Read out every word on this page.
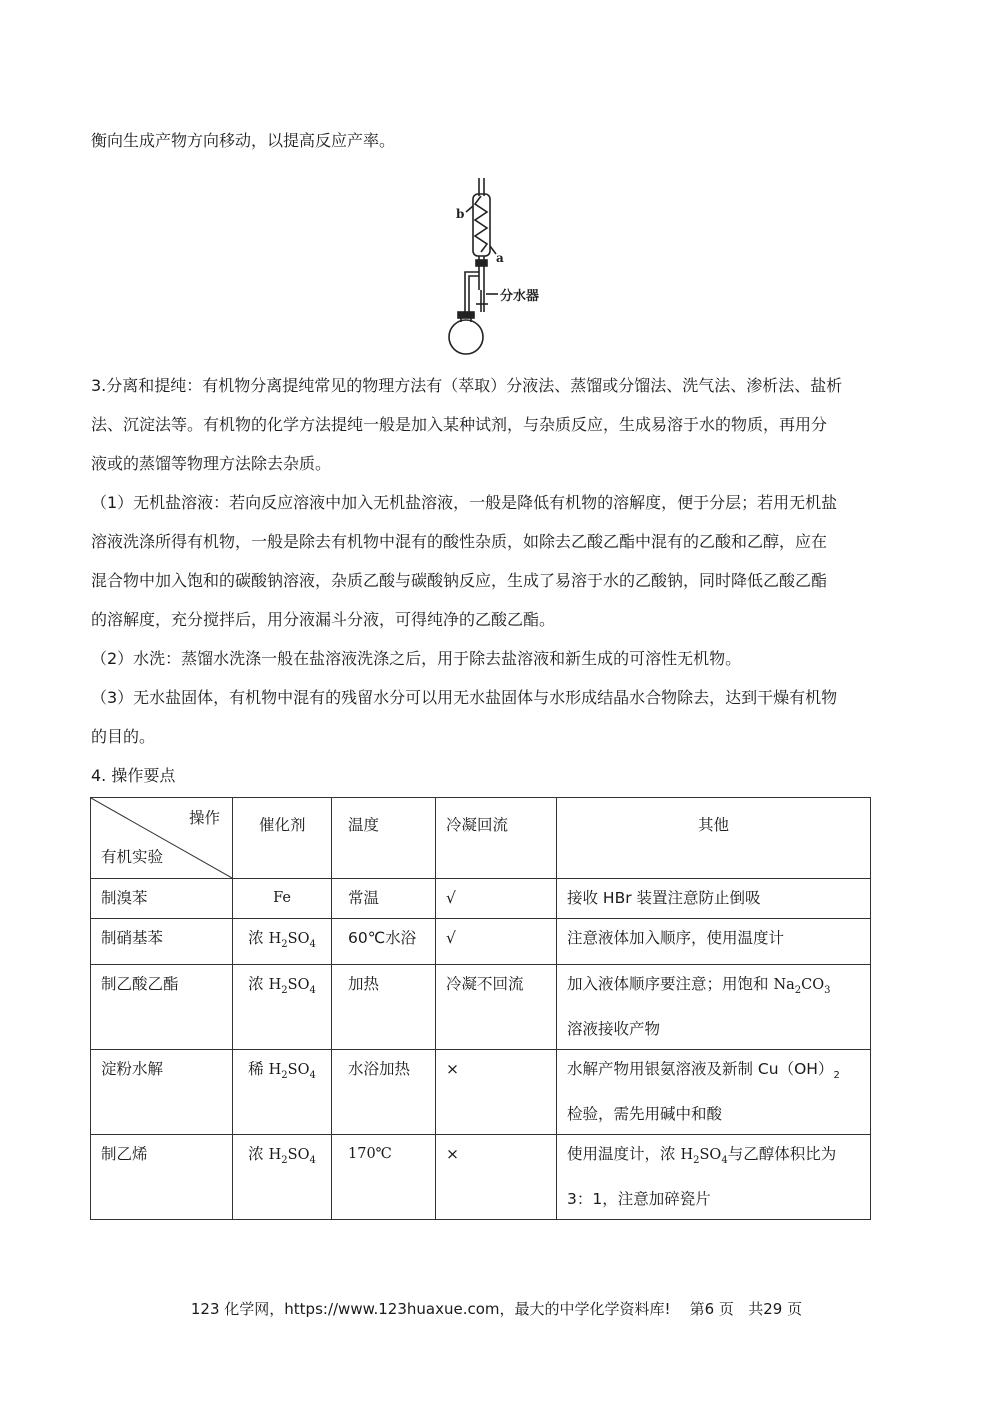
衡向生成产物方向移动，以提高反应产率。
b
a
分水器
3.分离和提纯：有机物分离提纯常见的物理方法有（萃取）分液法、蒸馏或分馏法、洗气法、渗析法、盐析
法、沉淀法等。有机物的化学方法提纯一般是加入某种试剂，与杂质反应，生成易溶于水的物质，再用分
液或的蒸馏等物理方法除去杂质。
（1）无机盐溶液：若向反应溶液中加入无机盐溶液，一般是降低有机物的溶解度，便于分层；若用无机盐
溶液洗涤所得有机物，一般是除去有机物中混有的酸性杂质，如除去乙酸乙酯中混有的乙酸和乙醇，应在
混合物中加入饱和的碳酸钠溶液，杂质乙酸与碳酸钠反应，生成了易溶于水的乙酸钠，同时降低乙酸乙酯
的溶解度，充分搅拌后，用分液漏斗分液，可得纯净的乙酸乙酯。
（2）水洗：蒸馏水洗涤一般在盐溶液洗涤之后，用于除去盐溶液和新生成的可溶性无机物。
（3）无水盐固体，有机物中混有的残留水分可以用无水盐固体与水形成结晶水合物除去，达到干燥有机物
的目的。
4. 操作要点
操作
有机实验	催化剂	温度	冷凝回流	其他

制溴苯	Fe	常温	√	接收 HBr 装置注意防止倒吸

制硝基苯	浓 $H_2SO_4$	60℃水浴	√	注意液体加入顺序，使用温度计

制乙酸乙酯	浓 $H_2SO_4$	加热	冷凝不回流	加入液体顺序要注意；用饱和 $Na_2CO_3$
溶液接收产物

淀粉水解	稀 $H_2SO_4$	水浴加热	×	水解产物用银氨溶液及新制 $Cu(OH)_2$
检验，需先用碱中和酸

制乙烯	浓 $H_2SO_4$	170℃	×	使用温度计，浓 $H_2SO_4$与乙醇体积比为
3：1，注意加碎瓷片
123 化学网，https://www.123huaxue.com，最大的中学化学资料库! 第6 页 共29 页
